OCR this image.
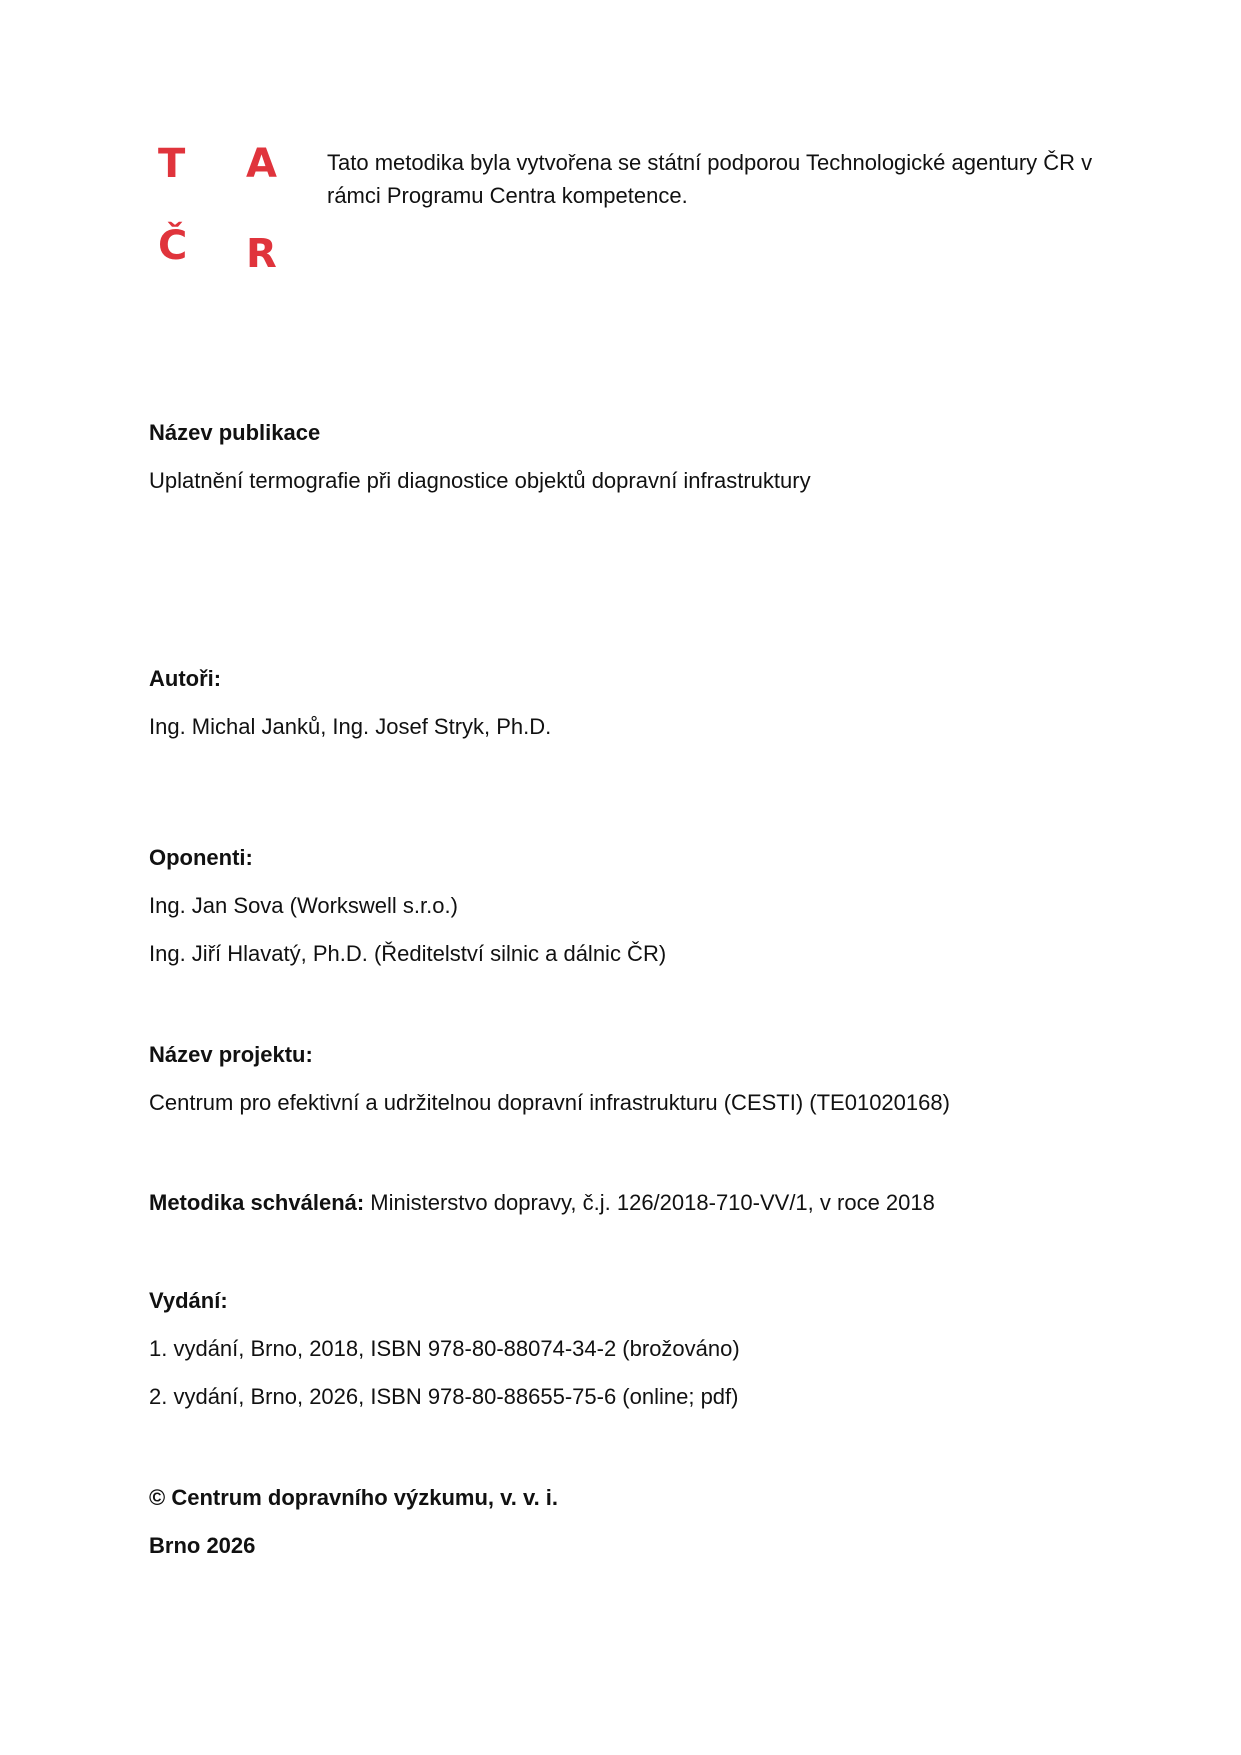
T A
Č R
Tato metodika byla vytvořena se státní podporou Technologické agentury ČR v rámci Programu Centra kompetence.

Název publikace

Uplatnění termografie při diagnostice objektů dopravní infrastruktury

Autoři:

Ing. Michal Janků, Ing. Josef Stryk, Ph.D.

Oponenti:

Ing. Jan Sova (Workswell s.r.o.)

Ing. Jiří Hlavatý, Ph.D. (Ředitelství silnic a dálnic ČR)

Název projektu:

Centrum pro efektivní a udržitelnou dopravní infrastrukturu (CESTI) (TE01020168)

Metodika schválená: Ministerstvo dopravy, č.j. 126/2018-710-VV/1, v roce 2018

Vydání:

1. vydání, Brno, 2018, ISBN 978-80-88074-34-2 (brožováno)

2. vydání, Brno, 2026, ISBN 978-80-88655-75-6 (online; pdf)

© Centrum dopravního výzkumu, v. v. i.

Brno 2026
